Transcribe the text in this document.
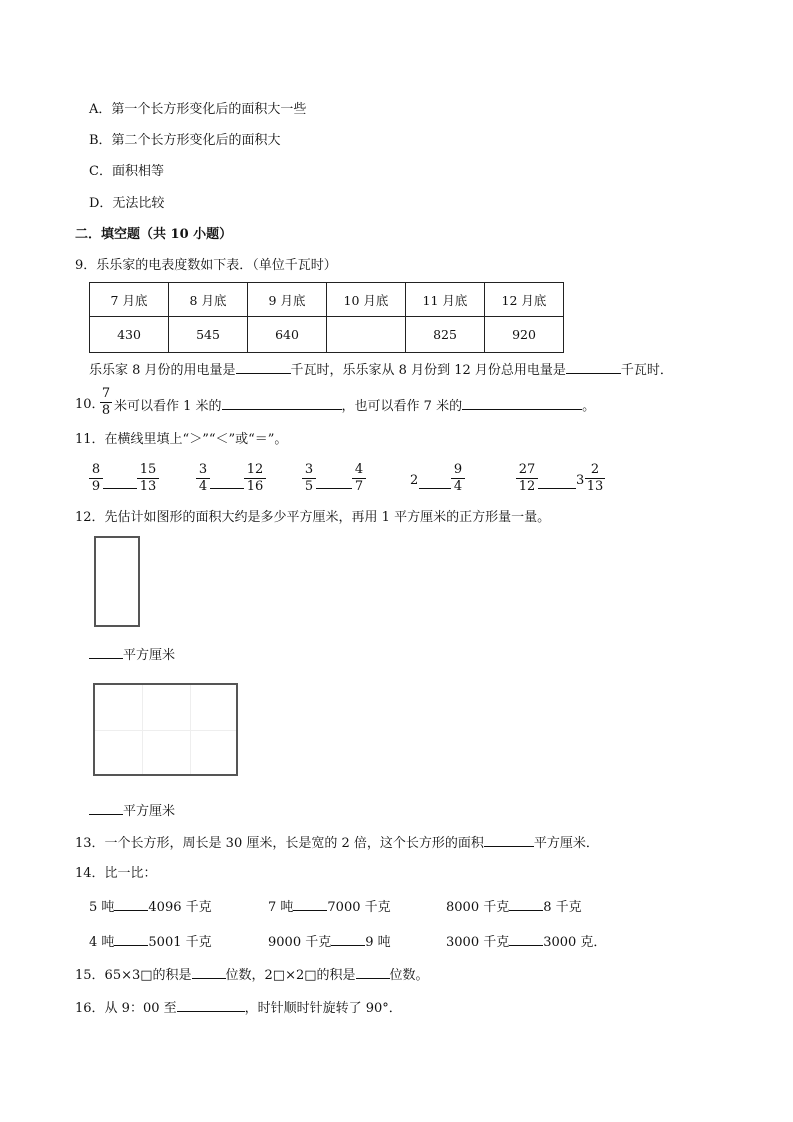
A．第一个长方形变化后的面积大一些
B．第二个长方形变化后的面积大
C．面积相等
D．无法比较
二．填空题（共 10 小题）
9．乐乐家的电表度数如下表．（单位千瓦时）
7 月底	8 月底	9 月底	10 月底	11 月底	12 月底
430	545	640		825	920
乐乐家 8 月份的用电量是	千瓦时，乐乐家从 8 月份到 12 月份总用电量是	千瓦时．
10．
7
8 米可以看作 1 米的	，也可以看作 7 米的	。
11．在横线里填上“＞”“＜”或“＝”。
8
9
15
13
3
4
12
16
3
5
4
7	2
9
4
27
12	3
2
13
12．先估计如图形的面积大约是多少平方厘米，再用 1 平方厘米的正方形量一量。
平方厘米
平方厘米
13．一个长方形，周长是 30 厘米，长是宽的 2 倍，这个长方形的面积	平方厘米．
14．比一比：
5 吨	4096 千克	7 吨	7000 千克	8000 千克	8 千克
4 吨	5001 千克	9000 千克	9 吨	3000 千克	3000 克．
15．65×3□的积是	位数，2□×2□的积是	位数。
16．从 9：00 至	，时针顺时针旋转了 90°．
